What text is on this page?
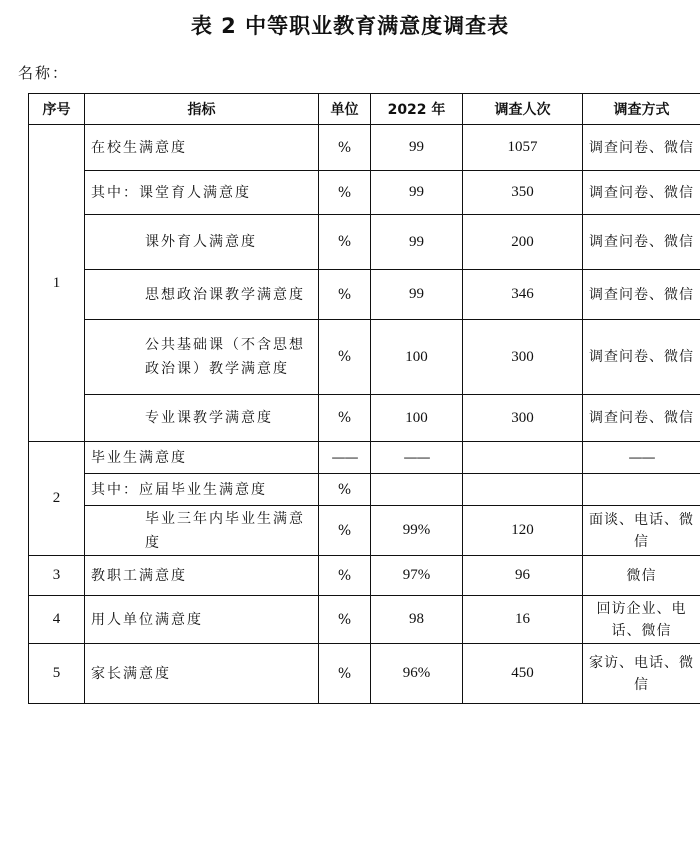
表 2 中等职业教育满意度调查表
名称：
序号	指标	单位	2022 年	调查人次	调查方式
1	在校生满意度	%	99	1057	调查问卷、微信
	其中：课堂育人满意度	%	99	350	调查问卷、微信
	课外育人满意度	%	99	200	调查问卷、微信
	思想政治课教学满意度	%	99	346	调查问卷、微信
	公共基础课（不含思想政治课）教学满意度	%	100	300	调查问卷、微信
	专业课教学满意度	%	100	300	调查问卷、微信
2	毕业生满意度	——	——		——
	其中：应届毕业生满意度	%			
	毕业三年内毕业生满意度	%	99%	120	面谈、电话、微信
3	教职工满意度	%	97%	96	微信
4	用人单位满意度	%	98	16	回访企业、电话、微信
5	家长满意度	%	96%	450	家访、电话、微信
